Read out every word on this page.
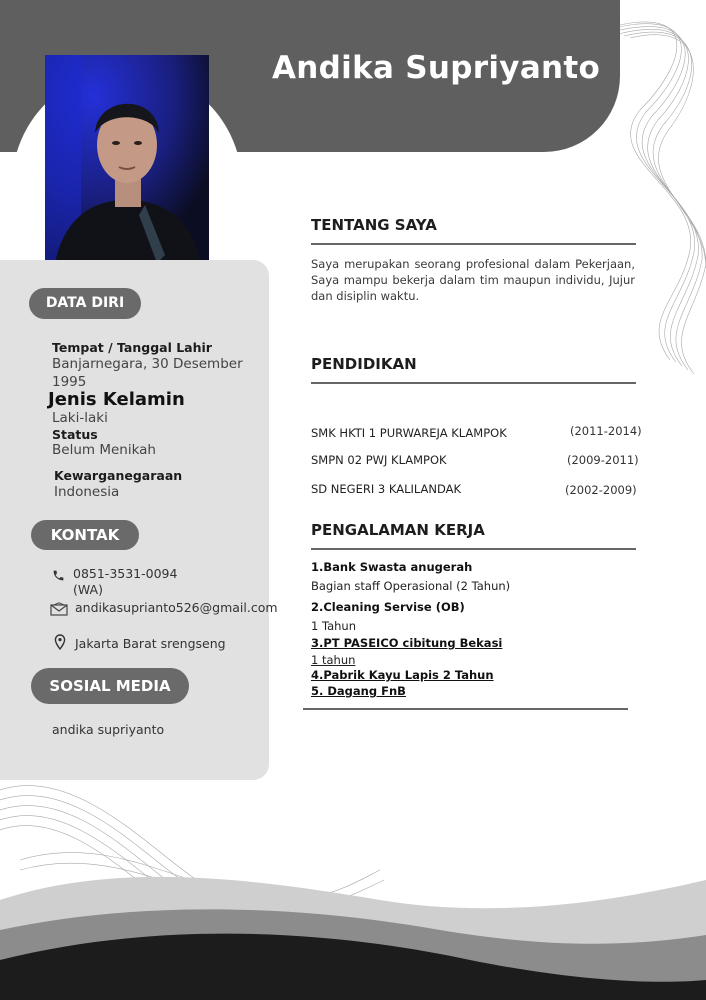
Andika Supriyanto
DATA DIRI
Tempat / Tanggal Lahir
Banjarnegara, 30 Desember
1995
Jenis Kelamin
Laki-laki
Status
Belum Menikah
Kewarganegaraan
Indonesia
KONTAK
0851-3531-0094
(WA)
andikasuprianto526@gmail.com
Jakarta Barat srengseng
SOSIAL MEDIA
andika supriyanto
TENTANG SAYA
Saya merupakan seorang profesional dalam Pekerjaan, Saya mampu bekerja dalam tim maupun individu, Jujur dan disiplin waktu.
PENDIDIKAN
SMK HKTI 1 PURWAREJA KLAMPOK	(2011-2014)
SMPN 02 PWJ KLAMPOK	(2009-2011)
SD NEGERI 3 KALILANDAK	(2002-2009)
PENGALAMAN KERJA
1.Bank Swasta anugerah
Bagian staff Operasional (2 Tahun)
2.Cleaning Servise (OB)
1 Tahun
3.PT PASEICO cibitung Bekasi
1 tahun
4.Pabrik Kayu Lapis 2 Tahun
5. Dagang FnB
